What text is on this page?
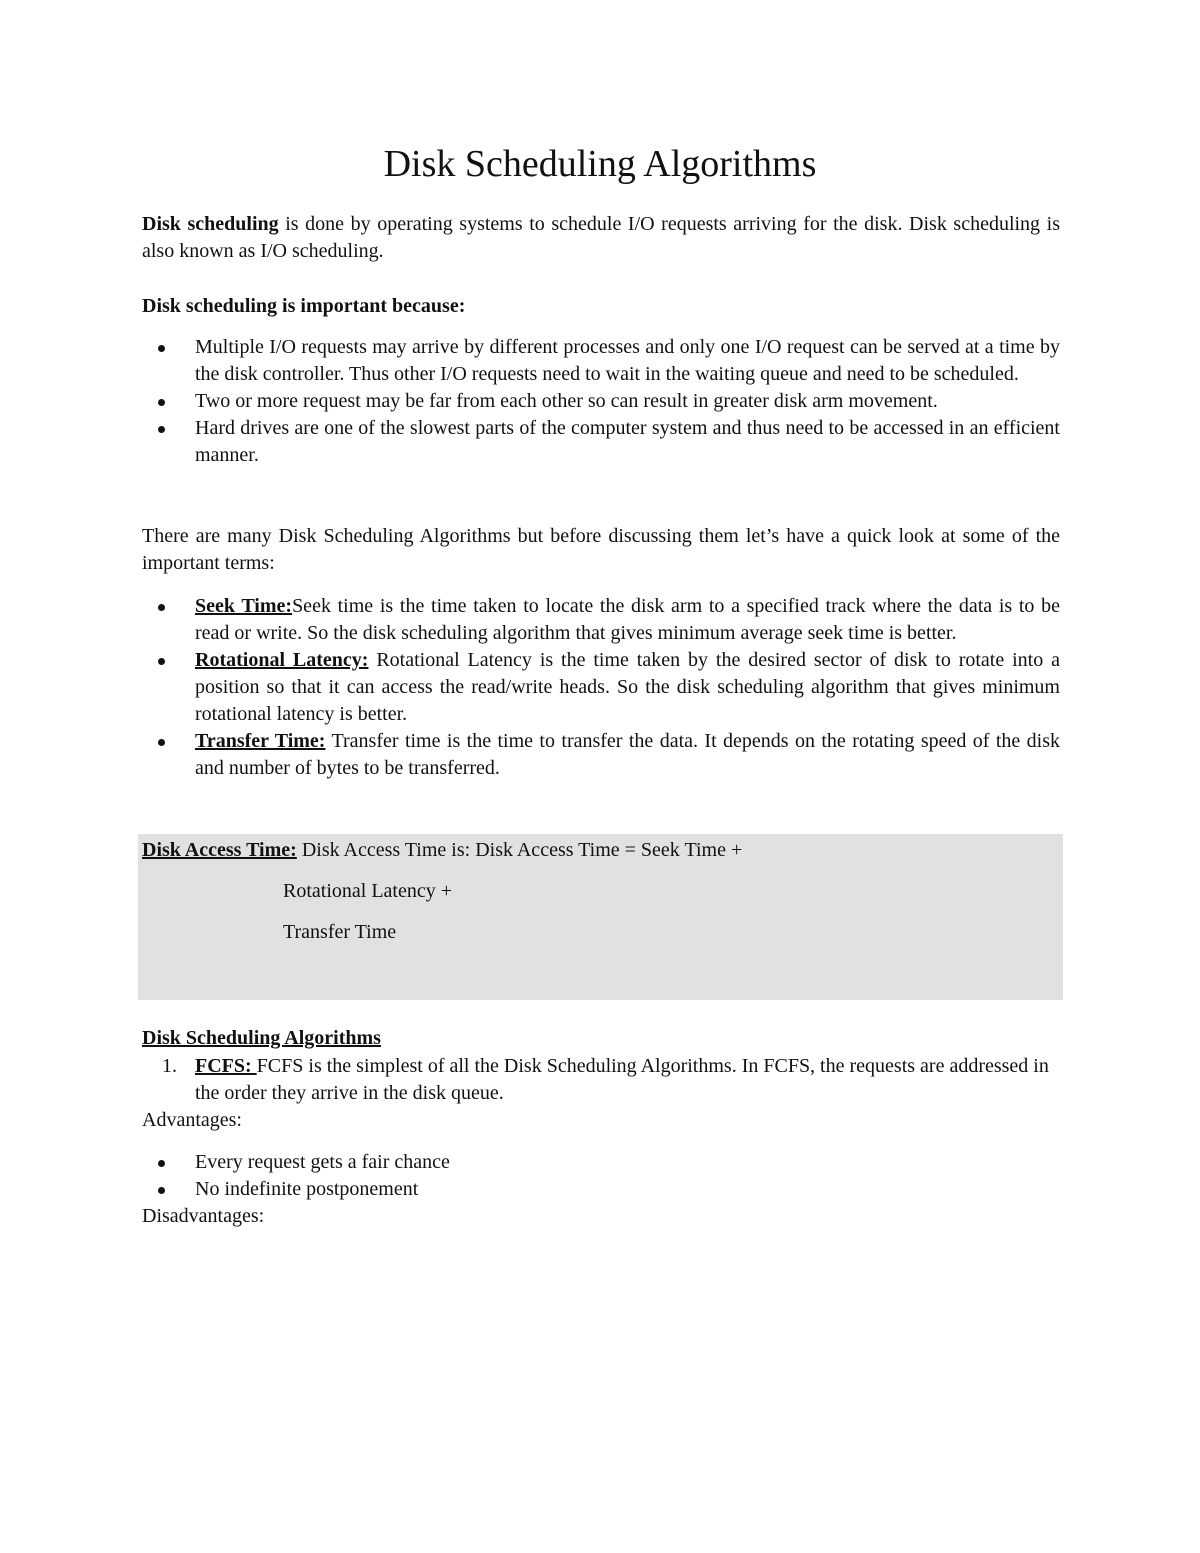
Disk Scheduling Algorithms

Disk scheduling is done by operating systems to schedule I/O requests arriving for the disk. Disk scheduling is also known as I/O scheduling.

Disk scheduling is important because:

Multiple I/O requests may arrive by different processes and only one I/O request can be served at a time by the disk controller. Thus other I/O requests need to wait in the waiting queue and need to be scheduled.
Two or more request may be far from each other so can result in greater disk arm movement.
Hard drives are one of the slowest parts of the computer system and thus need to be accessed in an efficient manner.

There are many Disk Scheduling Algorithms but before discussing them let’s have a quick look at some of the important terms:

Seek Time:Seek time is the time taken to locate the disk arm to a specified track where the data is to be read or write. So the disk scheduling algorithm that gives minimum average seek time is better.
Rotational Latency: Rotational Latency is the time taken by the desired sector of disk to rotate into a position so that it can access the read/write heads. So the disk scheduling algorithm that gives minimum rotational latency is better.
Transfer Time: Transfer time is the time to transfer the data. It depends on the rotating speed of the disk and number of bytes to be transferred.

Disk Access Time: Disk Access Time is: Disk Access Time = Seek Time +

Rotational Latency +

Transfer Time

Disk Scheduling Algorithms

1. FCFS: FCFS is the simplest of all the Disk Scheduling Algorithms. In FCFS, the requests are addressed in the order they arrive in the disk queue.

Advantages:

Every request gets a fair chance
No indefinite postponement

Disadvantages:
